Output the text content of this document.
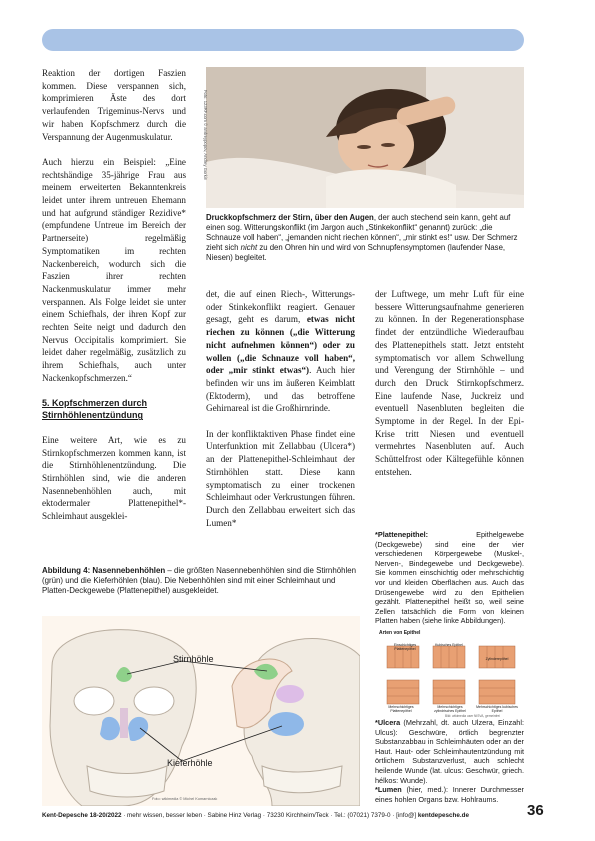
Reaktion der dortigen Faszien kommen. Diese verspannen sich, komprimieren Äste des dort verlaufenden Trigeminus-Nervs und wir haben Kopfschmerz durch die Verspannung der Augenmuskulatur.

Auch hierzu ein Beispiel: „Eine rechtshändige 35-jährige Frau aus meinem erweiterten Bekanntenkreis leidet unter ihrem untreuen Ehemann und hat aufgrund ständiger Rezidive* (empfundene Untreue im Bereich der Partnerseite) regelmäßig Symptomatiken im rechten Nackenbereich, wodurch sich die Faszien ihrer rechten Nackenmuskulatur immer mehr verspannen. Als Folge leidet sie unter einem Schiefhals, der ihren Kopf zur rechten Seite neigt und dadurch den Nervus Occipitalis komprimiert. Sie leidet daher regelmäßig, zusätzlich zu ihrem Schiefhals, auch unter Nackenkopfschmerzen.“

5. Kopfschmerzen durch Stirnhöhlenentzündung

Eine weitere Art, wie es zu Stirnkopfschmerzen kommen kann, ist die Stirnhöhlenentzündung. Die Stirnhöhlen sind, wie die anderen Nasennebenhöhlen auch, mit ektodermaler Plattenepithel*-Schleimhaut ausgeklei-

Foto: 123RF.com © andreypopov, Andrey Gorkin
Druckkopfschmerz der Stirn, über den Augen, der auch stechend sein kann, geht auf einen sog. Witterungskonflikt (im Jargon auch „Stinkekonflikt“ genannt) zurück: „die Schnauze voll haben“, „jemanden nicht riechen können“, „mir stinkt es!“ usw. Der Schmerz zieht sich nicht zu den Ohren hin und wird von Schnupfensymptomen (laufender Nase, Niesen) begleitet.

det, die auf einen Riech-, Witterungs- oder Stinkekonflikt reagiert. Genauer gesagt, geht es darum, etwas nicht riechen zu können („die Witterung nicht aufnehmen können“) oder zu wollen („die Schnauze voll haben“, oder „mir stinkt etwas“). Auch hier befinden wir uns im äußeren Keimblatt (Ektoderm), und das betroffene Gehirnareal ist die Großhirnrinde.

In der konfliktaktiven Phase findet eine Unterfunktion mit Zellabbau (Ulcera*) an der Plattenepithel-Schleimhaut der Stirnhöhlen statt. Diese kann symptomatisch zu einer trockenen Schleimhaut oder Verkrustungen führen. Durch den Zellabbau erweitert sich das Lumen*

der Luftwege, um mehr Luft für eine bessere Witterungsaufnahme generieren zu können. In der Regenerationsphase findet der entzündliche Wiederaufbau des Plattenepithels statt. Jetzt entsteht symptomatisch vor allem Schwellung und Verengung der Stirnhöhle – und durch den Druck Stirnkopfschmerz. Eine laufende Nase, Juckreiz und eventuell Nasenbluten begleiten die Symptome in der Regel. In der Epi-Krise tritt Niesen und eventuell vermehrtes Nasenbluten auf. Auch Schüttelfrost oder Kältegefühle können entstehen.

Abbildung 4: Nasennebenhöhlen – die größten Nasennebenhöhlen sind die Stirnhöhlen (grün) und die Kieferhöhlen (blau). Die Nebenhöhlen sind mit einer Schleimhaut und Platten-Deckgewebe (Plattenepithel) ausgekleidet.
Stirnhöhle
Kieferhöhle
Foto: wikimedia © Michel Komarniczak
*Plattenepithel: Epithelgewebe (Deckgewebe) sind eine der vier verschiedenen Körpergewebe (Muskel-, Nerven-, Bindegewebe und Deckgewebe). Sie kommen einschichtig oder mehrschichtig vor und kleiden Oberflächen aus. Auch das Drüsengewebe wird zu den Epithelien gezählt. Plattenepithel heißt so, weil seine Zellen tatsächlich die Form von kleinen Platten haben (siehe linke Abbildungen).
Arten von Epithel
Einschichtiges Plattenepithel
Kubisches Epithel
Zylinderepithel
Mehrschichtiges Plattenepithel
Mehrschichtiges zylindrisches Epithel
Mehrschichtiges kubisches Epithel
Bild: wikimedia user NISVA, gemeinfrei
*Ulcera (Mehrzahl, dt. auch Ulzera, Einzahl: Ulcus): Geschwüre, örtlich begrenzter Substanzabbau in Schleimhäuten oder an der Haut. Haut- oder Schleimhautentzündung mit örtlichem Substanzverlust, auch schlecht heilende Wunde (lat. ulcus: Geschwür, griech. hélkos: Wunde).
*Lumen (hier, med.): Innerer Durchmesser eines hohlen Organs bzw. Hohlraums.
Kent-Depesche 18-20/2022 · mehr wissen, besser leben · Sabine Hinz Verlag · 73230 Kirchheim/Teck · Tel.: (07021) 7379-0 · [info@] kentdepesche.de	36
